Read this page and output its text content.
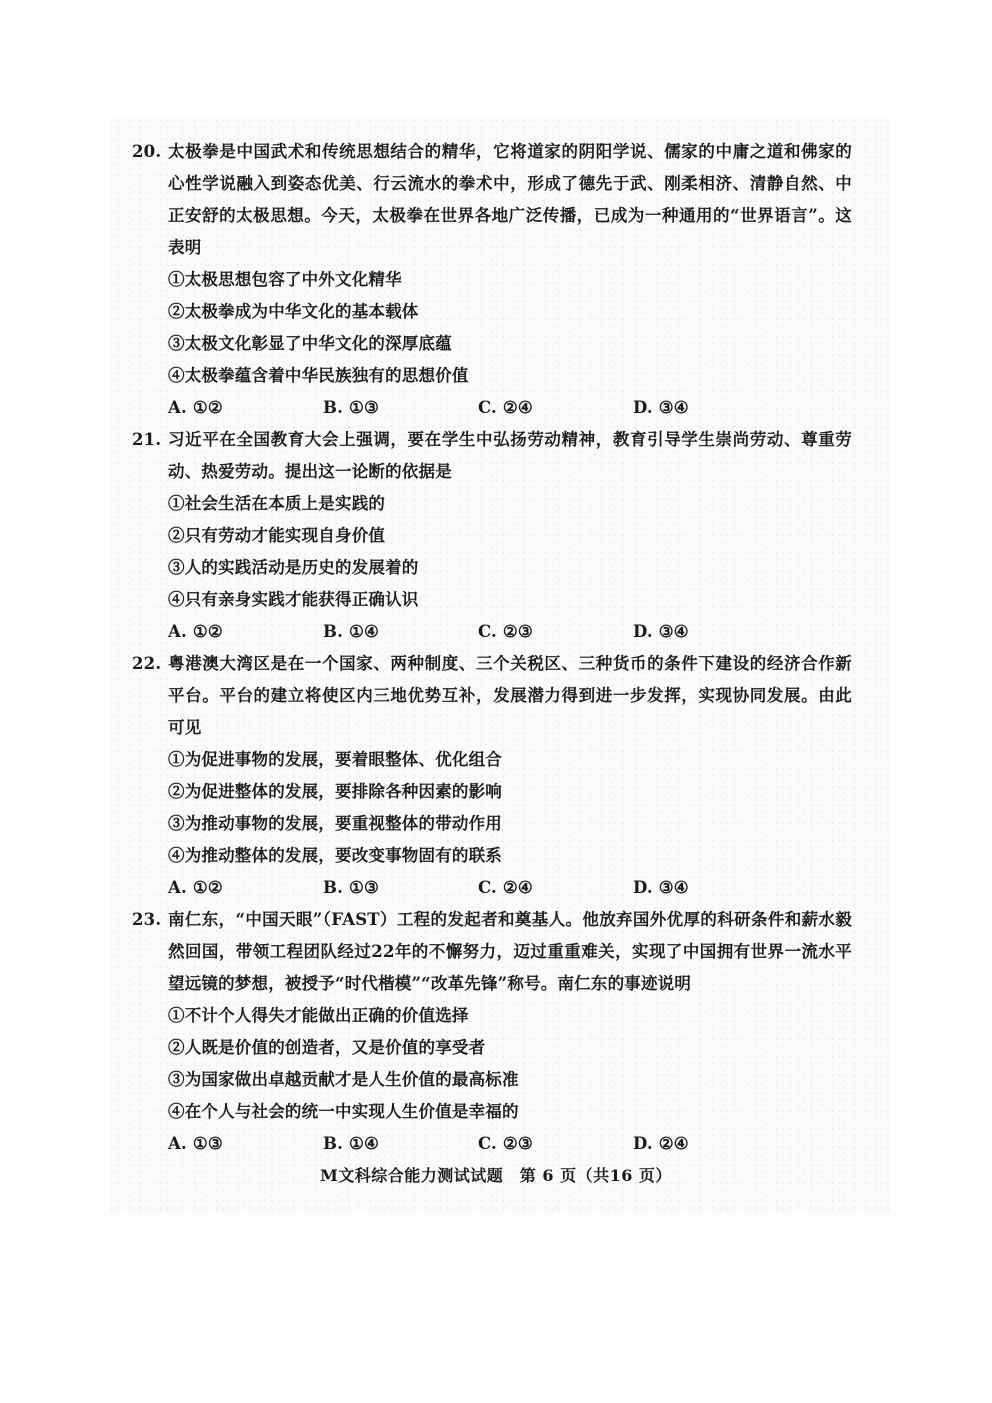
20. 太极拳是中国武术和传统思想结合的精华，它将道家的阴阳学说、儒家的中庸之道和佛家的心性学说融入到姿态优美、行云流水的拳术中，形成了德先于武、刚柔相济、清静自然、中正安舒的太极思想。今天，太极拳在世界各地广泛传播，已成为一种通用的“世界语言”。这表明
①太极思想包容了中外文化精华
②太极拳成为中华文化的基本载体
③太极文化彰显了中华文化的深厚底蕴
④太极拳蕴含着中华民族独有的思想价值
A. ①②	B. ①③	C. ②④	D. ③④
21. 习近平在全国教育大会上强调，要在学生中弘扬劳动精神，教育引导学生崇尚劳动、尊重劳动、热爱劳动。提出这一论断的依据是
①社会生活在本质上是实践的
②只有劳动才能实现自身价值
③人的实践活动是历史的发展着的
④只有亲身实践才能获得正确认识
A. ①②	B. ①④	C. ②③	D. ③④
22. 粤港澳大湾区是在一个国家、两种制度、三个关税区、三种货币的条件下建设的经济合作新平台。平台的建立将使区内三地优势互补，发展潜力得到进一步发挥，实现协同发展。由此可见
①为促进事物的发展，要着眼整体、优化组合
②为促进整体的发展，要排除各种因素的影响
③为推动事物的发展，要重视整体的带动作用
④为推动整体的发展，要改变事物固有的联系
A. ①②	B. ①③	C. ②④	D. ③④
23. 南仁东，“中国天眼”（FAST）工程的发起者和奠基人。他放弃国外优厚的科研条件和薪水毅然回国，带领工程团队经过22年的不懈努力，迈过重重难关，实现了中国拥有世界一流水平望远镜的梦想，被授予“时代楷模”“改革先锋”称号。南仁东的事迹说明
①不计个人得失才能做出正确的价值选择
②人既是价值的创造者，又是价值的享受者
③为国家做出卓越贡献才是人生价值的最高标准
④在个人与社会的统一中实现人生价值是幸福的
A. ①③	B. ①④	C. ②③	D. ②④
M文科综合能力测试试题　第 6 页（共16 页）
